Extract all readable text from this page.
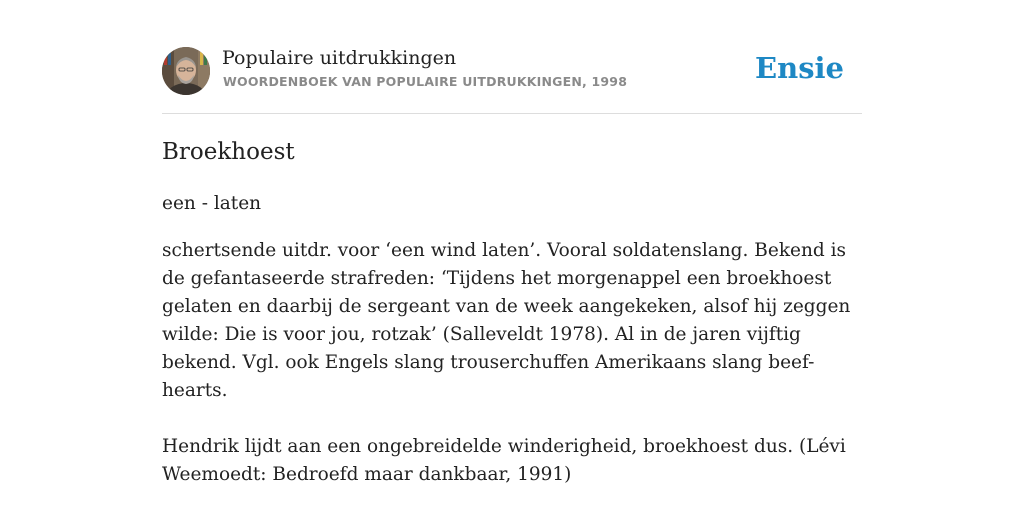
Populaire uitdrukkingen
WOORDENBOEK VAN POPULAIRE UITDRUKKINGEN, 1998	Ensie
Broekhoest
een - laten

schertsende uitdr. voor ‘een wind laten’. Vooral soldatenslang. Bekend is de gefantaseerde strafreden: ‘Tijdens het morgenappel een broekhoest gelaten en daarbij de sergeant van de week aangekeken, alsof hij zeggen wilde: Die is voor jou, rotzak’ (Salleveldt 1978). Al in de jaren vijftig bekend. Vgl. ook Engels slang trouserchuffen Amerikaans slang beef-hearts.

Hendrik lijdt aan een ongebreidelde winderigheid, broekhoest dus. (Lévi Weemoedt: Bedroefd maar dankbaar, 1991)
